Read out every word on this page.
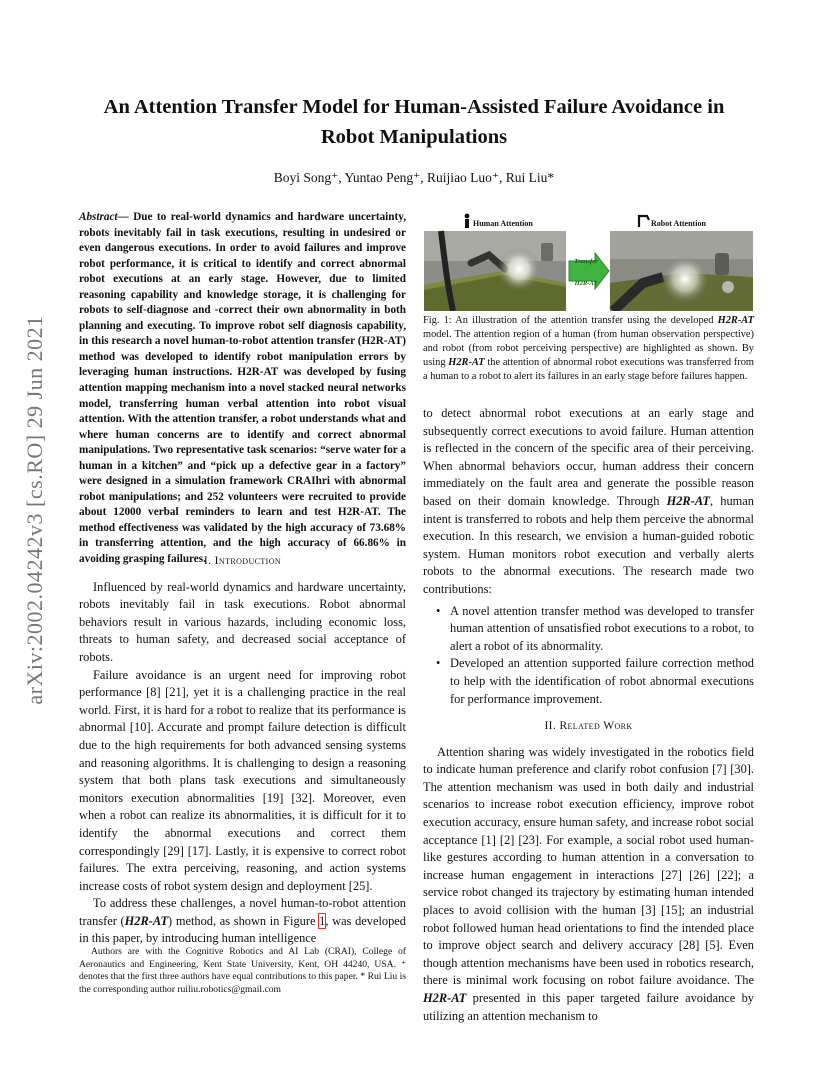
An Attention Transfer Model for Human-Assisted Failure Avoidance in
Robot Manipulations
Boyi Song⁺, Yuntao Peng⁺, Ruijiao Luo⁺, Rui Liu*
arXiv:2002.04242v3 [cs.RO] 29 Jun 2021
Abstract— Due to real-world dynamics and hardware uncertainty, robots inevitably fail in task executions, resulting in undesired or even dangerous executions. In order to avoid failures and improve robot performance, it is critical to identify and correct abnormal robot executions at an early stage. However, due to limited reasoning capability and knowledge storage, it is challenging for robots to self-diagnose and -correct their own abnormality in both planning and executing. To improve robot self diagnosis capability, in this research a novel human-to-robot attention transfer (H2R-AT) method was developed to identify robot manipulation errors by leveraging human instructions. H2R-AT was developed by fusing attention mapping mechanism into a novel stacked neural networks model, transferring human verbal attention into robot visual attention. With the attention transfer, a robot understands what and where human concerns are to identify and correct abnormal manipulations. Two representative task scenarios: “serve water for a human in a kitchen” and “pick up a defective gear in a factory” were designed in a simulation framework CRAIhri with abnormal robot manipulations; and 252 volunteers were recruited to provide about 12000 verbal reminders to learn and test H2R-AT. The method effectiveness was validated by the high accuracy of 73.68% in transferring attention, and the high accuracy of 66.86% in avoiding grasping failures.

I. Introduction

Influenced by real-world dynamics and hardware uncertainty, robots inevitably fail in task executions. Robot abnormal behaviors result in various hazards, including economic loss, threats to human safety, and decreased social acceptance of robots.

Failure avoidance is an urgent need for improving robot performance [8] [21], yet it is a challenging practice in the real world. First, it is hard for a robot to realize that its performance is abnormal [10]. Accurate and prompt failure detection is difficult due to the high requirements for both advanced sensing systems and reasoning algorithms. It is challenging to design a reasoning system that both plans task executions and simultaneously monitors execution abnormalities [19] [32]. Moreover, even when a robot can realize its abnormalities, it is difficult for it to identify the abnormal executions and correct them correspondingly [29] [17]. Lastly, it is expensive to correct robot failures. The extra perceiving, reasoning, and action systems increase costs of robot system design and deployment [25].

To address these challenges, a novel human-to-robot attention transfer (H2R-AT) method, as shown in Figure 1, was developed in this paper, by introducing human intelligence

Authors are with the Cognitive Robotics and AI Lab (CRAI), College of Aeronautics and Engineering, Kent State University, Kent, OH 44240, USA. ⁺ denotes that the first three authors have equal contributions to this paper. * Rui Liu is the corresponding author ruiliu.robotics@gmail.com
Transfer
H2R-AT
Human Attention	Robot Attention
Fig. 1: An illustration of the attention transfer using the developed H2R-AT model. The attention region of a human (from human observation perspective) and robot (from robot perceiving perspective) are highlighted as shown. By using H2R-AT the attention of abnormal robot executions was transferred from a human to a robot to alert its failures in an early stage before failures happen.

to detect abnormal robot executions at an early stage and subsequently correct executions to avoid failure. Human attention is reflected in the concern of the specific area of their perceiving. When abnormal behaviors occur, human address their concern immediately on the fault area and generate the possible reason based on their domain knowledge. Through H2R-AT, human intent is transferred to robots and help them perceive the abnormal execution. In this research, we envision a human-guided robotic system. Human monitors robot execution and verbally alerts robots to the abnormal executions. The research made two contributions:

• A novel attention transfer method was developed to transfer human attention of unsatisfied robot executions to a robot, to alert a robot of its abnormality.
• Developed an attention supported failure correction method to help with the identification of robot abnormal executions for performance improvement.

II. Related Work

Attention sharing was widely investigated in the robotics field to indicate human preference and clarify robot confusion [7] [30]. The attention mechanism was used in both daily and industrial scenarios to increase robot execution efficiency, improve robot execution accuracy, ensure human safety, and increase robot social acceptance [1] [2] [23]. For example, a social robot used human-like gestures according to human attention in a conversation to increase human engagement in interactions [27] [26] [22]; a service robot changed its trajectory by estimating human intended places to avoid collision with the human [3] [15]; an industrial robot followed human head orientations to find the intended place to improve object search and delivery accuracy [28] [5]. Even though attention mechanisms have been used in robotics research, there is minimal work focusing on robot failure avoidance. The H2R-AT presented in this paper targeted failure avoidance by utilizing an attention mechanism to
